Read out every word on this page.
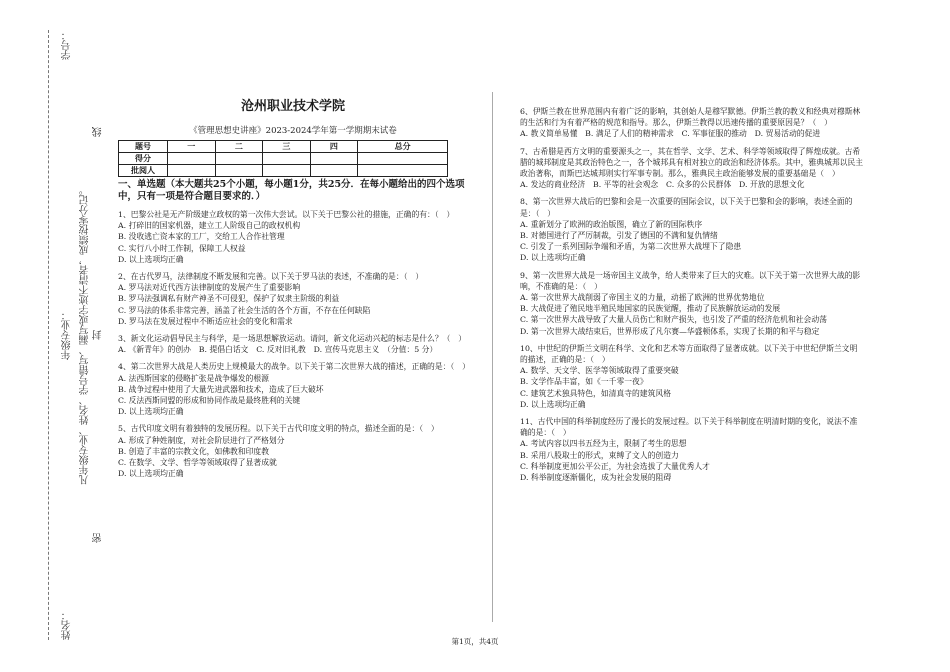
姓名：
年级专业：
学号：
凡年级专业、姓名、学号错写、漏写或字迹不清者，成绩按零分记。
密
封
线
沧州职业技术学院
《管理思想史讲座》2023-2024学年第一学期期末试卷
题号	一	二	三	四	总分
得分					
批阅人					
一、单选题（本大题共25个小题，每小题1分，共25分．在每小题给出的四个选项中，只有一项是符合题目要求的．）
1、巴黎公社是无产阶级建立政权的第一次伟大尝试。以下关于巴黎公社的措施，正确的有：（　）
A. 打碎旧的国家机器，建立工人阶级自己的政权机构
B. 没收逃亡资本家的工厂，交给工人合作社管理
C. 实行八小时工作制，保障工人权益
D. 以上选项均正确
2、在古代罗马，法律制度不断发展和完善。以下关于罗马法的表述，不准确的是：（　）
A. 罗马法对近代西方法律制度的发展产生了重要影响
B. 罗马法强调私有财产神圣不可侵犯，保护了奴隶主阶级的利益
C. 罗马法的体系非常完善，涵盖了社会生活的各个方面，不存在任何缺陷
D. 罗马法在发展过程中不断适应社会的变化和需求
3、新文化运动倡导民主与科学，是一场思想解放运动。请问，新文化运动兴起的标志是什么？（　）
A. 《新青年》的创办　B. 提倡白话文　C. 反对旧礼教　D. 宣传马克思主义　（分值：5 分）
4、第二次世界大战是人类历史上规模最大的战争。以下关于第二次世界大战的描述，正确的是：（　）
A. 法西斯国家的侵略扩张是战争爆发的根源
B. 战争过程中使用了大量先进武器和技术，造成了巨大破坏
C. 反法西斯同盟的形成和协同作战是最终胜利的关键
D. 以上选项均正确
5、古代印度文明有着独特的发展历程。以下关于古代印度文明的特点，描述全面的是：（　）
A. 形成了种姓制度，对社会阶层进行了严格划分
B. 创造了丰富的宗教文化，如佛教和印度教
C. 在数学、文学、哲学等领域取得了显著成就
D. 以上选项均正确
6、伊斯兰教在世界范围内有着广泛的影响，其创始人是穆罕默德。伊斯兰教的教义和经典对穆斯林的生活和行为有着严格的规范和指导。那么，伊斯兰教得以迅速传播的重要原因是？（　）
A. 教义简单易懂　B. 满足了人们的精神需求　C. 军事征服的推动　D. 贸易活动的促进
7、古希腊是西方文明的重要源头之一，其在哲学、文学、艺术、科学等领域取得了辉煌成就。古希腊的城邦制度是其政治特色之一，各个城邦具有相对独立的政治和经济体系。其中，雅典城邦以民主政治著称，而斯巴达城邦则实行军事专制。那么，雅典民主政治能够发展的重要基础是（　）
A. 发达的商业经济　B. 平等的社会观念　C. 众多的公民群体　D. 开放的思想文化
8、第一次世界大战后的巴黎和会是一次重要的国际会议，以下关于巴黎和会的影响，表述全面的是：（　）
A. 重新划分了欧洲的政治版图，确立了新的国际秩序
B. 对德国进行了严厉制裁，引发了德国的不满和复仇情绪
C. 引发了一系列国际争端和矛盾，为第二次世界大战埋下了隐患
D. 以上选项均正确
9、第一次世界大战是一场帝国主义战争，给人类带来了巨大的灾难。以下关于第一次世界大战的影响，不准确的是：（　）
A. 第一次世界大战削弱了帝国主义的力量，动摇了欧洲的世界优势地位
B. 大战促进了殖民地半殖民地国家的民族觉醒，推动了民族解放运动的发展
C. 第一次世界大战导致了大量人员伤亡和财产损失，也引发了严重的经济危机和社会动荡
D. 第一次世界大战结束后，世界形成了凡尔赛—华盛顿体系，实现了长期的和平与稳定
10、中世纪的伊斯兰文明在科学、文化和艺术等方面取得了显著成就。以下关于中世纪伊斯兰文明的描述，正确的是：（　）
A. 数学、天文学、医学等领域取得了重要突破
B. 文学作品丰富，如《一千零一夜》
C. 建筑艺术独具特色，如清真寺的建筑风格
D. 以上选项均正确
11、古代中国的科举制度经历了漫长的发展过程。以下关于科举制度在明清时期的变化，说法不准确的是：（　）
A. 考试内容以四书五经为主，限制了考生的思想
B. 采用八股取士的形式，束缚了文人的创造力
C. 科举制度更加公平公正，为社会选拔了大量优秀人才
D. 科举制度逐渐僵化，成为社会发展的阻碍
第1页，共4页
